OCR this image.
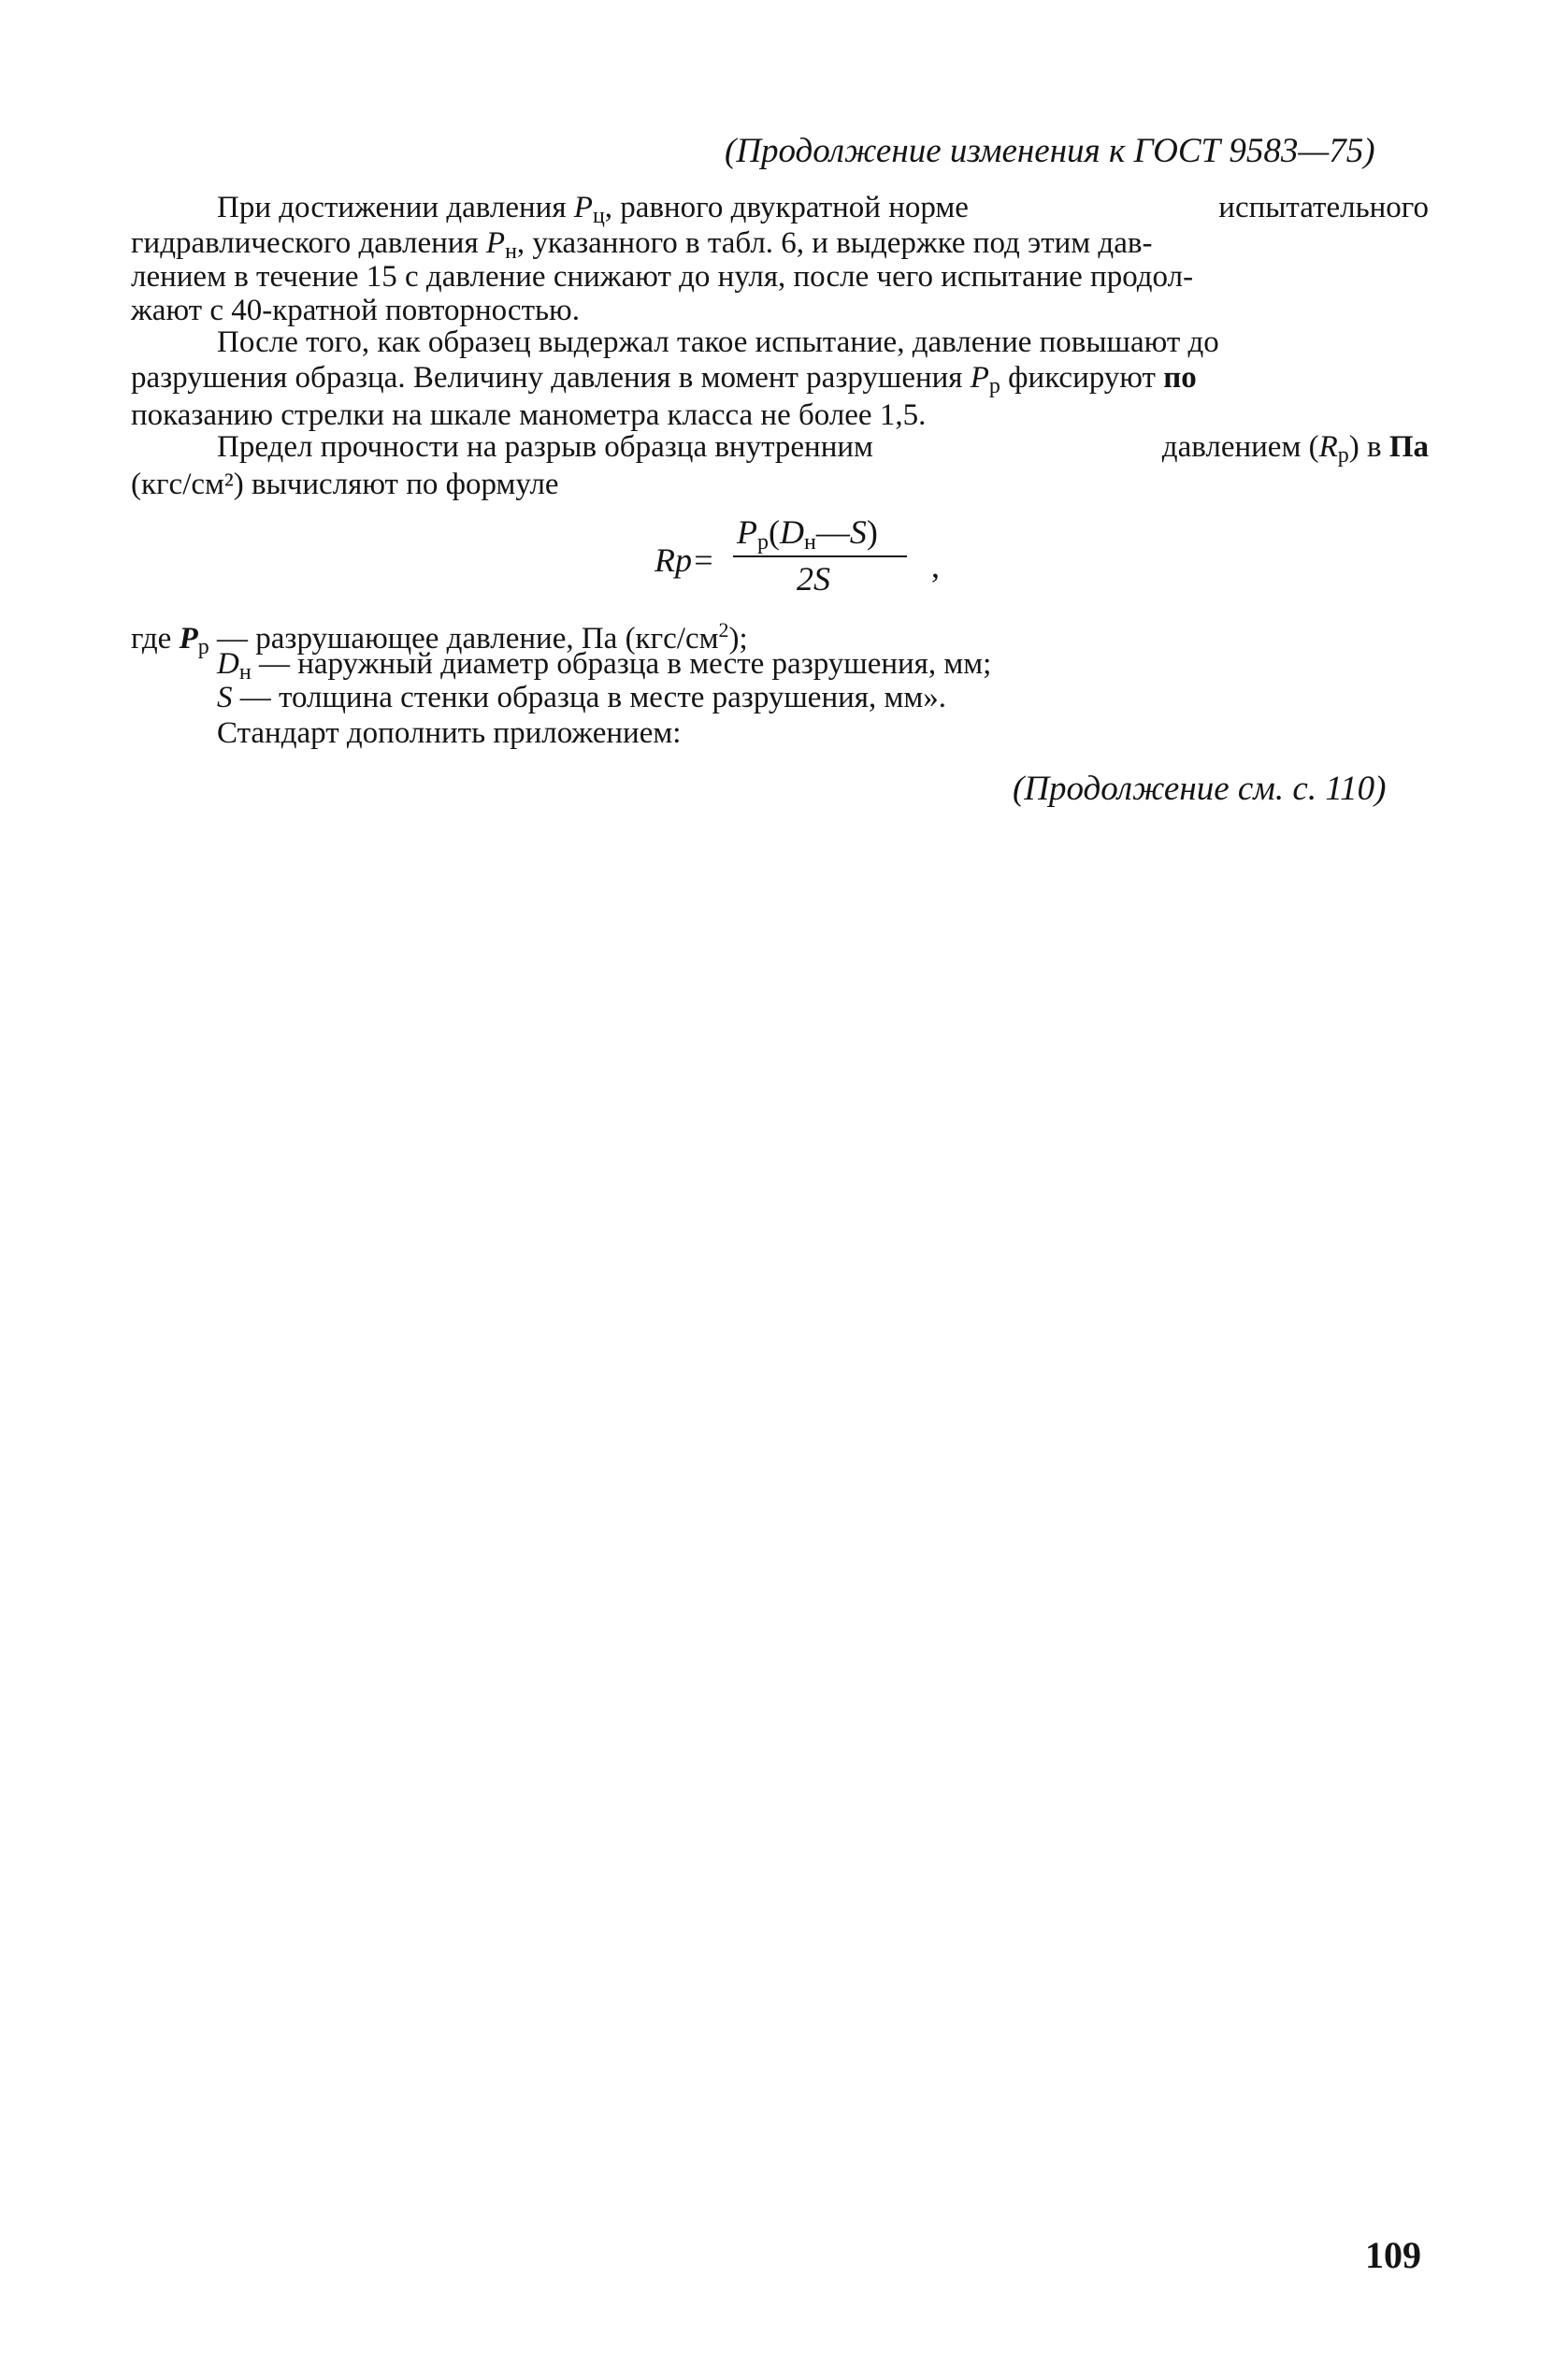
(Продолжение изменения к ГОСТ 9583—75)
При достижении давления $P_ц$, равного двукратной норме	испытательного
гидравлического давления $P_н$, указанного в табл. 6, и выдержке под этим дав-
лением в течение 15 с давление снижают до нуля, после чего испытание продол-
жают с 40-кратной повторностью.
После того, как образец выдержал такое испытание, давление повышают до
разрушения образца. Величину давления в момент разрушения $P_р$ фиксируют по
показанию стрелки на шкале манометра класса не более 1,5.
Предел прочности на разрыв образца внутренним	давлением $(R_р)$ в Па
(кгс/см²) вычисляют по формуле
Rр=
$P_р(D_н—S)$
2S	,
где $P_р$ — разрушающее давление, Па $(кгс/см^2)$;
$D_н$ — наружный диаметр образца в месте разрушения, мм;
S — толщина стенки образца в месте разрушения, мм».
Стандарт дополнить приложением:
(Продолжение см. с. 110)
109
